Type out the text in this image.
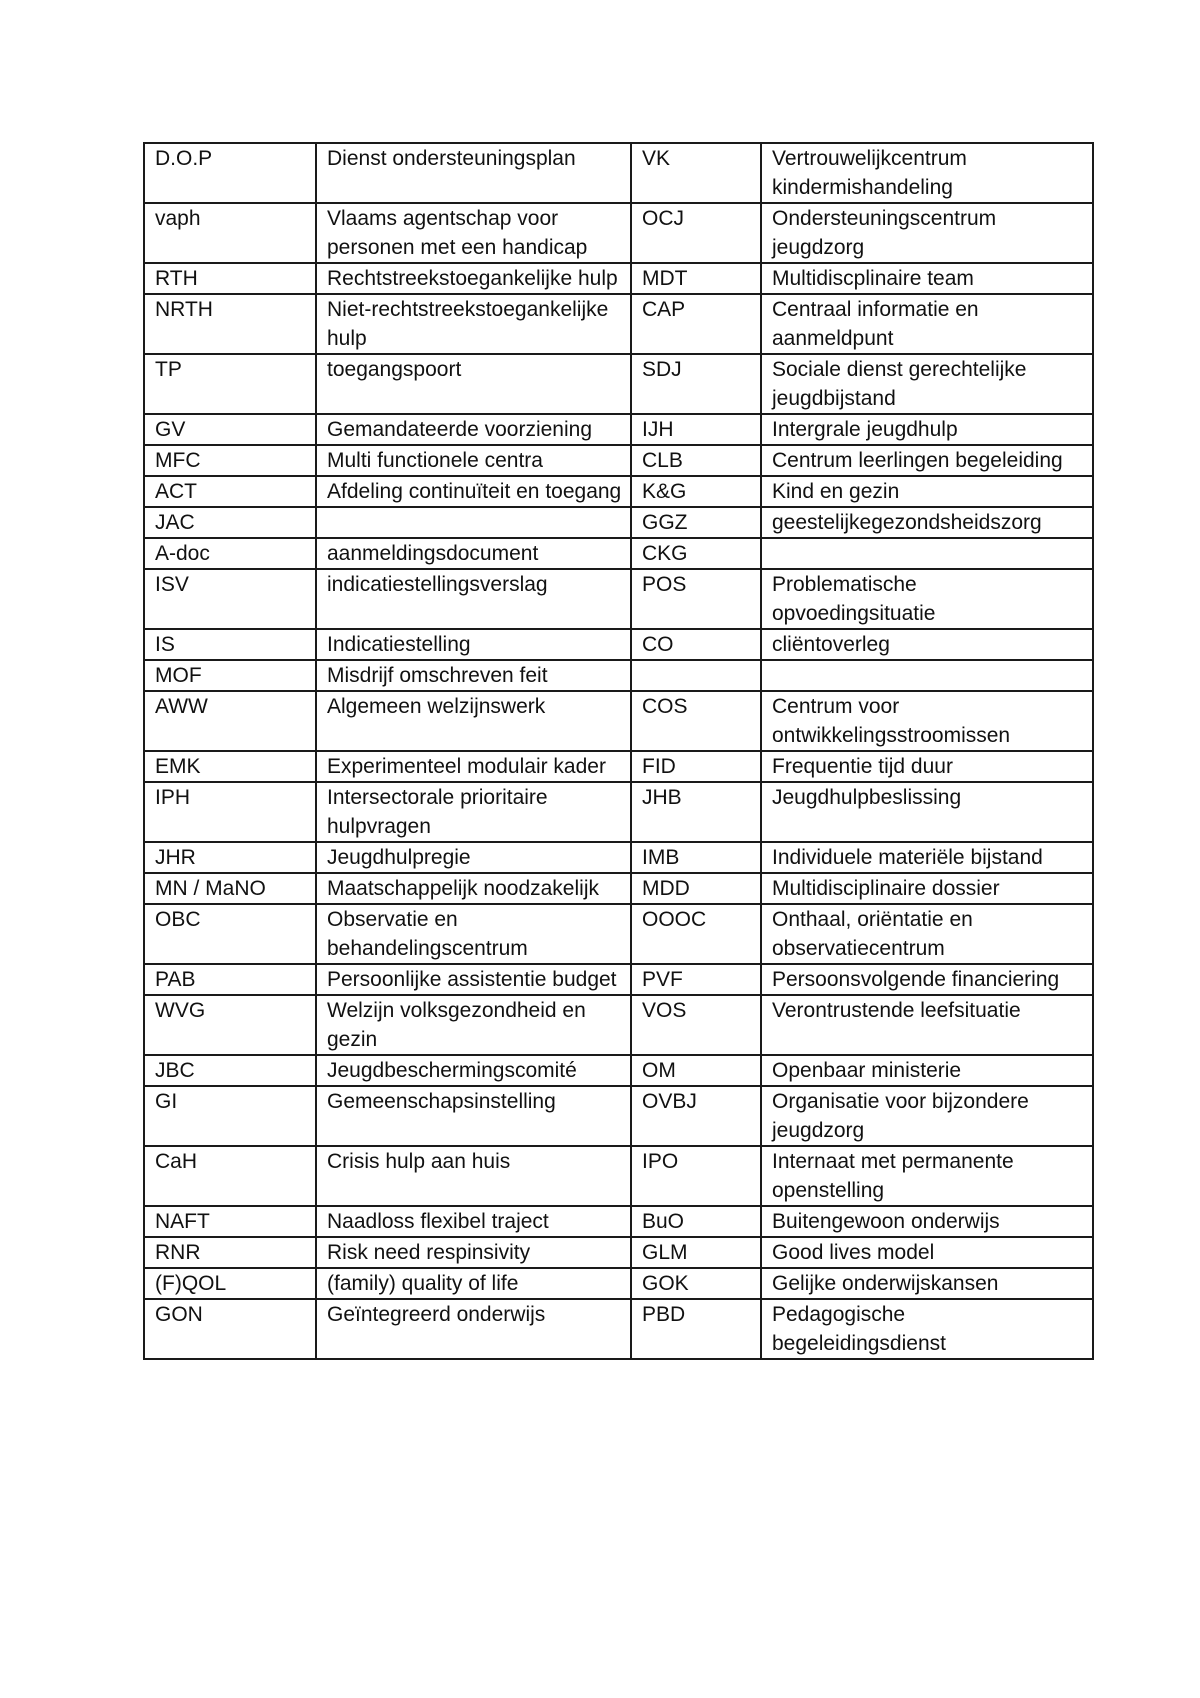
D.O.P	Dienst ondersteuningsplan	VK	Vertrouwelijkcentrum kindermishandeling
vaph	Vlaams agentschap voor personen met een handicap	OCJ	Ondersteuningscentrum jeugdzorg
RTH	Rechtstreekstoegankelijke hulp	MDT	Multidiscplinaire team
NRTH	Niet-rechtstreekstoegankelijke hulp	CAP	Centraal informatie en aanmeldpunt
TP	toegangspoort	SDJ	Sociale dienst gerechtelijke jeugdbijstand
GV	Gemandateerde voorziening	IJH	Intergrale jeugdhulp
MFC	Multi functionele centra	CLB	Centrum leerlingen begeleiding
ACT	Afdeling continuïteit en toegang	K&G	Kind en gezin
JAC		GGZ	geestelijkegezondsheidszorg
A-doc	aanmeldingsdocument	CKG	
ISV	indicatiestellingsverslag	POS	Problematische opvoedingsituatie
IS	Indicatiestelling	CO	cliëntoverleg
MOF	Misdrijf omschreven feit		
AWW	Algemeen welzijnswerk	COS	Centrum voor ontwikkelingsstroomissen
EMK	Experimenteel modulair kader	FID	Frequentie tijd duur
IPH	Intersectorale prioritaire hulpvragen	JHB	Jeugdhulpbeslissing
JHR	Jeugdhulpregie	IMB	Individuele materiële bijstand
MN / MaNO	Maatschappelijk noodzakelijk	MDD	Multidisciplinaire dossier
OBC	Observatie en behandelingscentrum	OOOC	Onthaal, oriëntatie en observatiecentrum
PAB	Persoonlijke assistentie budget	PVF	Persoonsvolgende financiering
WVG	Welzijn volksgezondheid en gezin	VOS	Verontrustende leefsituatie
JBC	Jeugdbeschermingscomité	OM	Openbaar ministerie
GI	Gemeenschapsinstelling	OVBJ	Organisatie voor bijzondere jeugdzorg
CaH	Crisis hulp aan huis	IPO	Internaat met permanente openstelling
NAFT	Naadloss flexibel traject	BuO	Buitengewoon onderwijs
RNR	Risk need respinsivity	GLM	Good lives model
(F)QOL	(family) quality of life	GOK	Gelijke onderwijskansen
GON	Geïntegreerd onderwijs	PBD	Pedagogische begeleidingsdienst
